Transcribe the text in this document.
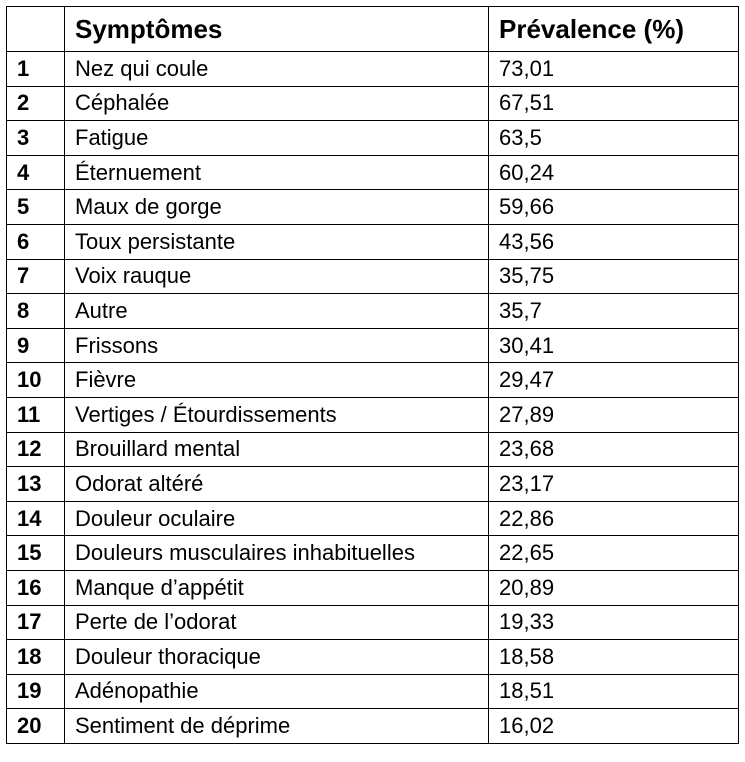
	Symptômes	Prévalence (%)
1	Nez qui coule	73,01
2	Céphalée	67,51
3	Fatigue	63,5
4	Éternuement	60,24
5	Maux de gorge	59,66
6	Toux persistante	43,56
7	Voix rauque	35,75
8	Autre	35,7
9	Frissons	30,41
10	Fièvre	29,47
11	Vertiges / Étourdissements	27,89
12	Brouillard mental	23,68
13	Odorat altéré	23,17
14	Douleur oculaire	22,86
15	Douleurs musculaires inhabituelles	22,65
16	Manque d’appétit	20,89
17	Perte de l’odorat	19,33
18	Douleur thoracique	18,58
19	Adénopathie	18,51
20	Sentiment de déprime	16,02
